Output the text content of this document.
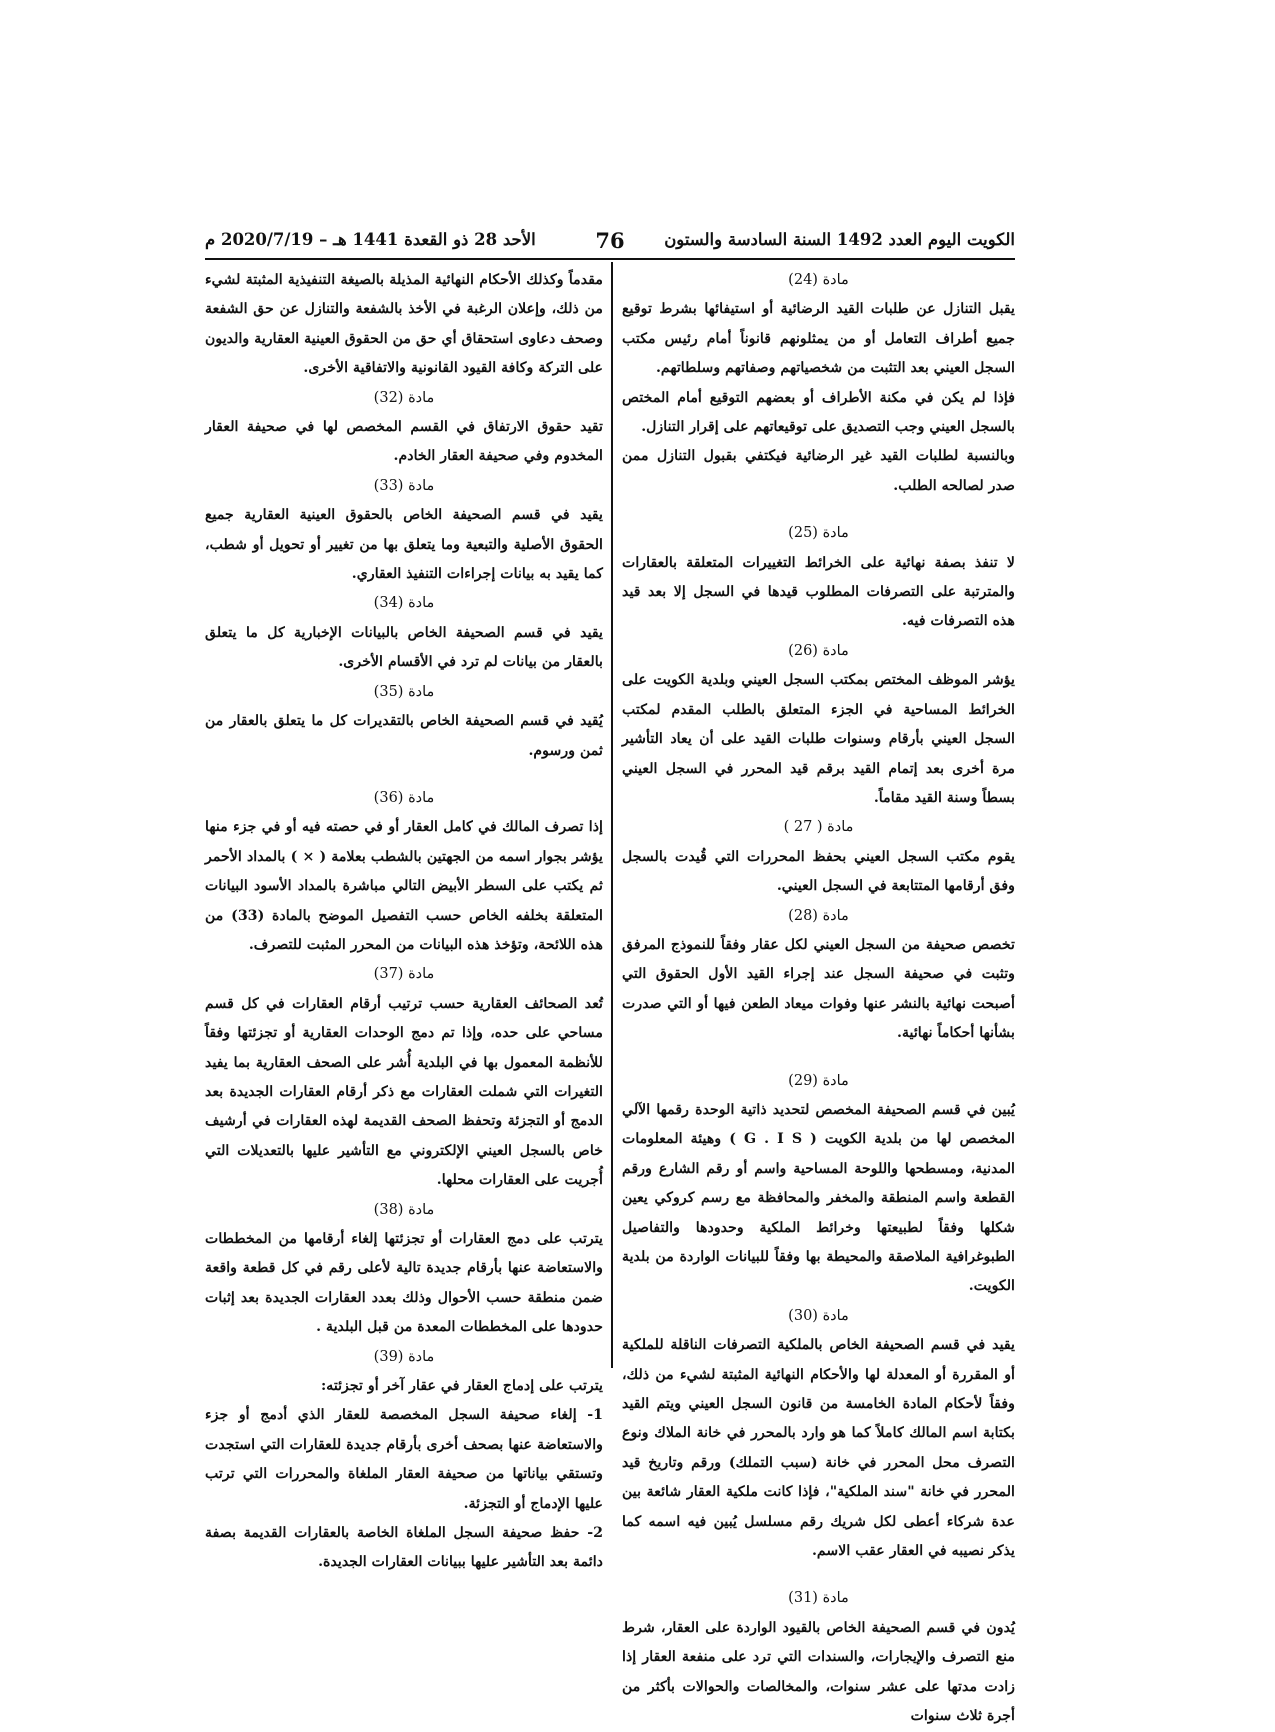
الكويت اليوم العدد 1492 السنة السادسة والستون
76
الأحد 28 ذو القعدة 1441 هـ – 2020/7/19 م

مادة (24)

يقبل التنازل عن طلبات القيد الرضائية أو استيفائها بشرط توقيع جميع أطراف التعامل أو من يمثلونهم قانوناً أمام رئيس مكتب السجل العيني بعد التثبت من شخصياتهم وصفاتهم وسلطاتهم.

فإذا لم يكن في مكنة الأطراف أو بعضهم التوقيع أمام المختص بالسجل العيني وجب التصديق على توقيعاتهم على إقرار التنازل.

وبالنسبة لطلبات القيد غير الرضائية فيكتفي بقبول التنازل ممن صدر لصالحه الطلب.

مادة (25)

لا تنفذ بصفة نهائية على الخرائط التغييرات المتعلقة بالعقارات والمترتبة على التصرفات المطلوب قيدها في السجل إلا بعد قيد هذه التصرفات فيه.

مادة (26)

يؤشر الموظف المختص بمكتب السجل العيني وبلدية الكويت على الخرائط المساحية في الجزء المتعلق بالطلب المقدم لمكتب السجل العيني بأرقام وسنوات طلبات القيد على أن يعاد التأشير مرة أخرى بعد إتمام القيد برقم قيد المحرر في السجل العيني بسطاً وسنة القيد مقاماً.

مادة ( 27 )

يقوم مكتب السجل العيني بحفظ المحررات التي قُيدت بالسجل وفق أرقامها المتتابعة في السجل العيني.

مادة (28)

تخصص صحيفة من السجل العيني لكل عقار وفقاً للنموذج المرفق وتثبت في صحيفة السجل عند إجراء القيد الأول الحقوق التي أصبحت نهائية بالنشر عنها وفوات ميعاد الطعن فيها أو التي صدرت بشأنها أحكاماً نهائية.

مادة (29)

يُبين في قسم الصحيفة المخصص لتحديد ذاتية الوحدة رقمها الآلي المخصص لها من بلدية الكويت ( G . I S ) وهيئة المعلومات المدنية، ومسطحها واللوحة المساحية واسم أو رقم الشارع ورقم القطعة واسم المنطقة والمخفر والمحافظة مع رسم كروكي يعين شكلها وفقاً لطبيعتها وخرائط الملكية وحدودها والتفاصيل الطبوغرافية الملاصقة والمحيطة بها وفقاً للبيانات الواردة من بلدية الكويت.

مادة (30)

يقيد في قسم الصحيفة الخاص بالملكية التصرفات الناقلة للملكية أو المقررة أو المعدلة لها والأحكام النهائية المثبتة لشيء من ذلك، وفقاً لأحكام المادة الخامسة من قانون السجل العيني ويتم القيد بكتابة اسم المالك كاملاً كما هو وارد بالمحرر في خانة الملاك ونوع التصرف محل المحرر في خانة (سبب التملك) ورقم وتاريخ قيد المحرر في خانة "سند الملكية"، فإذا كانت ملكية العقار شائعة بين عدة شركاء أعطى لكل شريك رقم مسلسل يُبين فيه اسمه كما يذكر نصيبه في العقار عقب الاسم.

مادة (31)

يُدون في قسم الصحيفة الخاص بالقيود الواردة على العقار، شرط منع التصرف والإيجارات، والسندات التي ترد على منفعة العقار إذا زادت مدتها على عشر سنوات، والمخالصات والحوالات بأكثر من أجرة ثلاث سنوات

مقدماً وكذلك الأحكام النهائية المذيلة بالصيغة التنفيذية المثبتة لشيء من ذلك، وإعلان الرغبة في الأخذ بالشفعة والتنازل عن حق الشفعة وصحف دعاوى استحقاق أي حق من الحقوق العينية العقارية والديون على التركة وكافة القيود القانونية والاتفاقية الأخرى.

مادة (32)

تقيد حقوق الارتفاق في القسم المخصص لها في صحيفة العقار المخدوم وفي صحيفة العقار الخادم.

مادة (33)

يقيد في قسم الصحيفة الخاص بالحقوق العينية العقارية جميع الحقوق الأصلية والتبعية وما يتعلق بها من تغيير أو تحويل أو شطب، كما يقيد به بيانات إجراءات التنفيذ العقاري.

مادة (34)

يقيد في قسم الصحيفة الخاص بالبيانات الإخبارية كل ما يتعلق بالعقار من بيانات لم ترد في الأقسام الأخرى.

مادة (35)

يُقيد في قسم الصحيفة الخاص بالتقديرات كل ما يتعلق بالعقار من ثمن ورسوم.

مادة (36)

إذا تصرف المالك في كامل العقار أو في حصته فيه أو في جزء منها يؤشر بجوار اسمه من الجهتين بالشطب بعلامة ( × ) بالمداد الأحمر ثم يكتب على السطر الأبيض التالي مباشرة بالمداد الأسود البيانات المتعلقة بخلفه الخاص حسب التفصيل الموضح بالمادة (33) من هذه اللائحة، وتؤخذ هذه البيانات من المحرر المثبت للتصرف.

مادة (37)

تُعد الصحائف العقارية حسب ترتيب أرقام العقارات في كل قسم مساحي على حده، وإذا تم دمج الوحدات العقارية أو تجزئتها وفقاً للأنظمة المعمول بها في البلدية أُشر على الصحف العقارية بما يفيد التغيرات التي شملت العقارات مع ذكر أرقام العقارات الجديدة بعد الدمج أو التجزئة وتحفظ الصحف القديمة لهذه العقارات في أرشيف خاص بالسجل العيني الإلكتروني مع التأشير عليها بالتعديلات التي أُجريت على العقارات محلها.

مادة (38)

يترتب على دمج العقارات أو تجزئتها إلغاء أرقامها من المخططات والاستعاضة عنها بأرقام جديدة تالية لأعلى رقم في كل قطعة واقعة ضمن منطقة حسب الأحوال وذلك بعدد العقارات الجديدة بعد إثبات حدودها على المخططات المعدة من قبل البلدية .

مادة (39)

يترتب على إدماج العقار في عقار آخر أو تجزئته:

1- إلغاء صحيفة السجل المخصصة للعقار الذي أدمج أو جزء والاستعاضة عنها بصحف أخرى بأرقام جديدة للعقارات التي استجدت وتستقي بياناتها من صحيفة العقار الملغاة والمحررات التي ترتب عليها الإدماج أو التجزئة.

2- حفظ صحيفة السجل الملغاة الخاصة بالعقارات القديمة بصفة دائمة بعد التأشير عليها ببيانات العقارات الجديدة.
